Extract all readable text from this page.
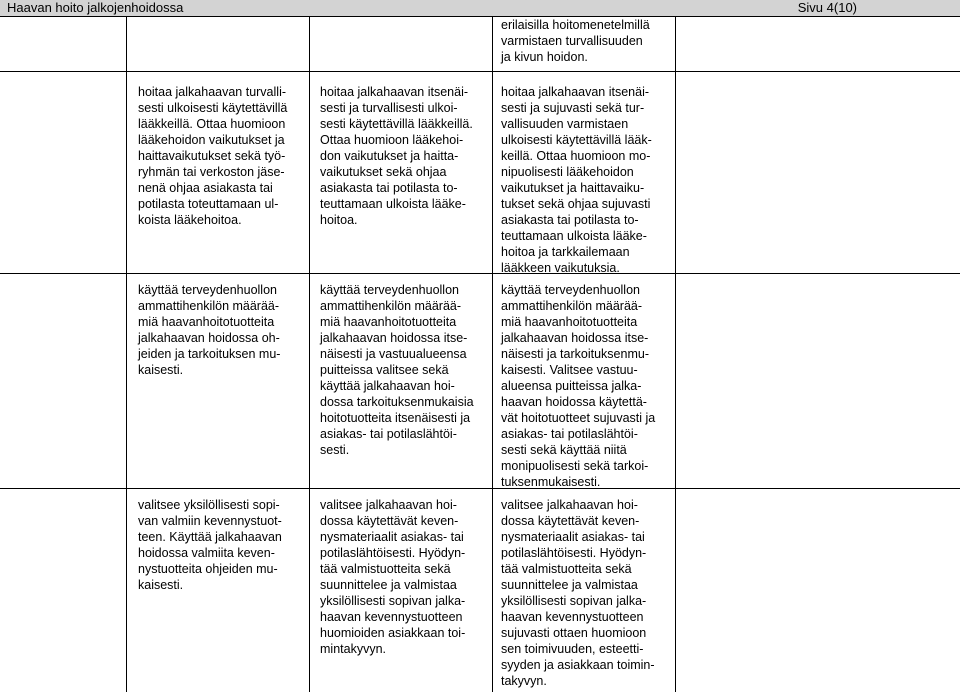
Haavan hoito jalkojenhoidossa	Sivu 4(10)

erilaisilla hoitomenetelmillä
varmistaen turvallisuuden
ja kivun hoidon.

hoitaa jalkahaavan turvalli-
sesti ulkoisesti käytettävillä
lääkkeillä. Ottaa huomioon
lääkehoidon vaikutukset ja
haittavaikutukset sekä työ-
ryhmän tai verkoston jäse-
nenä ohjaa asiakasta tai
potilasta toteuttamaan ul-
koista lääkehoitoa.

hoitaa jalkahaavan itsenäi-
sesti ja turvallisesti ulkoi-
sesti käytettävillä lääkkeillä.
Ottaa huomioon lääkehoi-
don vaikutukset ja haitta-
vaikutukset sekä ohjaa
asiakasta tai potilasta to-
teuttamaan ulkoista lääke-
hoitoa.

hoitaa jalkahaavan itsenäi-
sesti ja sujuvasti sekä tur-
vallisuuden varmistaen
ulkoisesti käytettävillä lääk-
keillä. Ottaa huomioon mo-
nipuolisesti lääkehoidon
vaikutukset ja haittavaiku-
tukset sekä ohjaa sujuvasti
asiakasta tai potilasta to-
teuttamaan ulkoista lääke-
hoitoa ja tarkkailemaan
lääkkeen vaikutuksia.

käyttää terveydenhuollon
ammattihenkilön määrää-
miä haavanhoitotuotteita
jalkahaavan hoidossa oh-
jeiden ja tarkoituksen mu-
kaisesti.

käyttää terveydenhuollon
ammattihenkilön määrää-
miä haavanhoitotuotteita
jalkahaavan hoidossa itse-
näisesti ja vastuualueensa
puitteissa valitsee sekä
käyttää jalkahaavan hoi-
dossa tarkoituksenmukaisia
hoitotuotteita itsenäisesti ja
asiakas- tai potilaslähtöi-
sesti.

käyttää terveydenhuollon
ammattihenkilön määrää-
miä haavanhoitotuotteita
jalkahaavan hoidossa itse-
näisesti ja tarkoituksenmu-
kaisesti. Valitsee vastuu-
alueensa puitteissa jalka-
haavan hoidossa käytettä-
vät hoitotuotteet sujuvasti ja
asiakas- tai potilaslähtöi-
sesti sekä käyttää niitä
monipuolisesti sekä tarkoi-
tuksenmukaisesti.

valitsee yksilöllisesti sopi-
van valmiin kevennystuot-
teen. Käyttää jalkahaavan
hoidossa valmiita keven-
nystuotteita ohjeiden mu-
kaisesti.

valitsee jalkahaavan hoi-
dossa käytettävät keven-
nysmateriaalit asiakas- tai
potilaslähtöisesti. Hyödyn-
tää valmistuotteita sekä
suunnittelee ja valmistaa
yksilöllisesti sopivan jalka-
haavan kevennystuotteen
huomioiden asiakkaan toi-
mintakyvyn.

valitsee jalkahaavan hoi-
dossa käytettävät keven-
nysmateriaalit asiakas- tai
potilaslähtöisesti. Hyödyn-
tää valmistuotteita sekä
suunnittelee ja valmistaa
yksilöllisesti sopivan jalka-
haavan kevennystuotteen
sujuvasti ottaen huomioon
sen toimivuuden, esteetti-
syyden ja asiakkaan toimin-
takyvyn.
